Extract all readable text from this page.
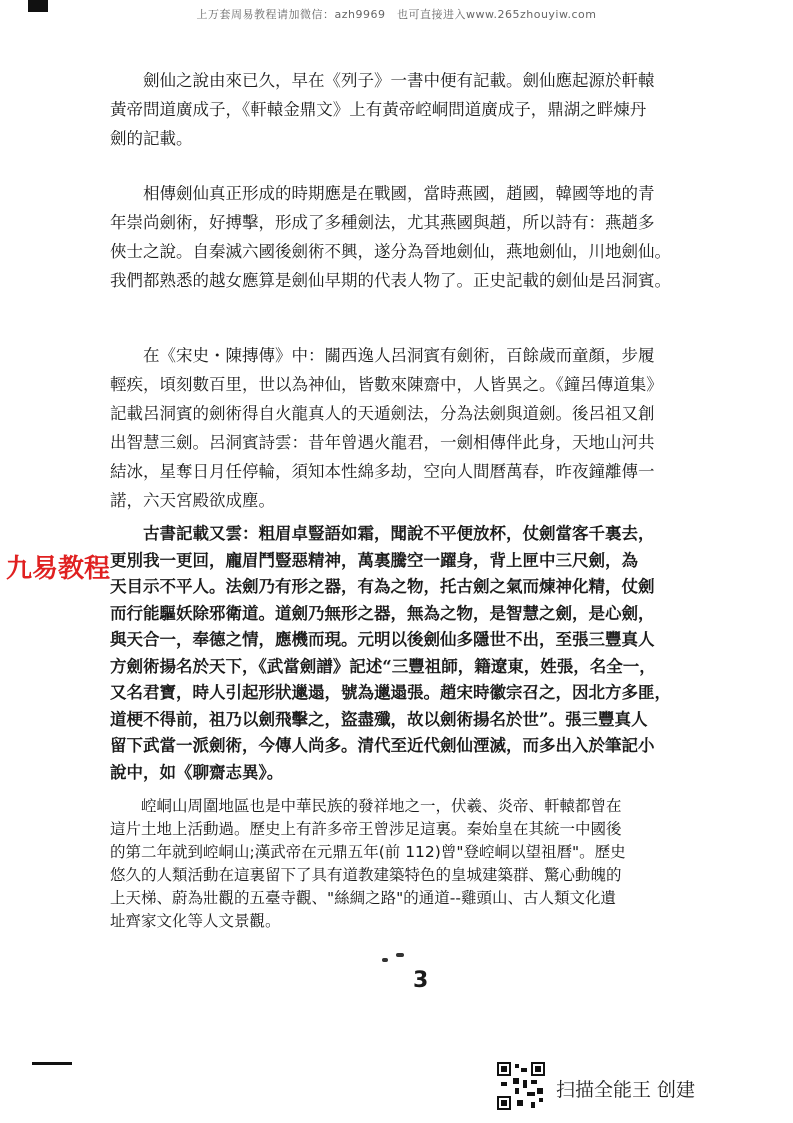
上万套周易教程请加微信：azh9969　也可直接进入www.265zhouyiw.com
　　劍仙之說由來已久，早在《列子》一書中便有記載。劍仙應起源於軒轅
黃帝問道廣成子，《軒轅金鼎文》上有黃帝崆峒問道廣成子，鼎湖之畔煉丹
劍的記載。
　　相傳劍仙真正形成的時期應是在戰國，當時燕國，趙國，韓國等地的青
年崇尚劍術，好搏擊，形成了多種劍法，尤其燕國與趙，所以詩有：燕趙多
俠士之說。自秦滅六國後劍術不興，遂分為晉地劍仙，燕地劍仙，川地劍仙。
我們都熟悉的越女應算是劍仙早期的代表人物了。正史記載的劍仙是呂洞賓。
　　在《宋史・陳摶傳》中：關西逸人呂洞賓有劍術，百餘歲而童顏，步履
輕疾，頃刻數百里，世以為神仙，皆數來陳齋中，人皆異之。《鐘呂傳道集》
記載呂洞賓的劍術得自火龍真人的天遁劍法，分為法劍與道劍。後呂祖又創
出智慧三劍。呂洞賓詩雲：昔年曾遇火龍君，一劍相傳伴此身，天地山河共
結冰，星奪日月任停輪，須知本性綿多劫，空向人間曆萬春，昨夜鐘離傳一
諾，六天宮殿欲成塵。
九易教程
　　古書記載又雲：粗眉卓豎語如霜，聞說不平便放杯，仗劍當客千裏去，
更別我一更回，龐眉鬥豎惡精神，萬裏騰空一躍身，背上匣中三尺劍，為
天目示不平人。法劍乃有形之器，有為之物，托古劍之氣而煉神化精，仗劍
而行能驅妖除邪衛道。道劍乃無形之器，無為之物，是智慧之劍，是心劍，
與天合一，奉德之情，應機而現。元明以後劍仙多隱世不出，至張三豐真人
方劍術揚名於天下，《武當劍譜》記述“三豐祖師，籍遼東，姓張，名全一，
又名君寶，時人引起形狀邋遢，號為邋遢張。趙宋時徽宗召之，因北方多匪，
道梗不得前，祖乃以劍飛擊之，盜盡殲，故以劍術揚名於世”。張三豐真人
留下武當一派劍術，今傳人尚多。清代至近代劍仙湮滅，而多出入於筆記小
說中，如《聊齋志異》。
　　崆峒山周圍地區也是中華民族的發祥地之一，伏羲、炎帝、軒轅都曾在
這片土地上活動過。歷史上有許多帝王曾涉足這裏。秦始皇在其統一中國後
的第二年就到崆峒山;漢武帝在元鼎五年(前 112)曾"登崆峒以望祖曆"。歷史
悠久的人類活動在這裏留下了具有道教建築特色的皇城建築群、驚心動魄的
上天梯、蔚為壯觀的五臺寺觀、"絲綢之路"的通道--雞頭山、古人類文化遺
址齊家文化等人文景觀。
3
扫描全能王 创建
